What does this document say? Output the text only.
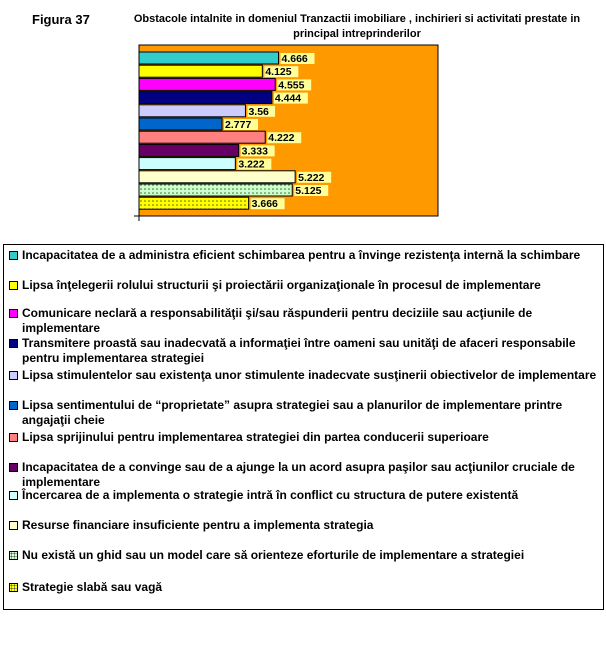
Figura 37	Obstacole intalnite in domeniul Tranzactii imobiliare , inchirieri si activitati prestate in principal intreprinderilor
4.666
4.125
4.555
4.444
3.56
2.777
4.222
3.333
3.222
5.222
5.125
3.666
Incapacitatea de a administra eficient schimbarea pentru a învinge rezistenţa internă la schimbare
Lipsa înţelegerii rolului structurii şi proiectării organizaţionale în procesul de implementare
Comunicare neclară a responsabilităţii şi/sau răspunderii pentru deciziile sau acţiunile de implementare
Transmitere proastă sau inadecvată a informaţiei între oameni sau unităţi de afaceri responsabile pentru implementarea strategiei
Lipsa stimulentelor sau existenţa unor stimulente inadecvate susţinerii obiectivelor de implementare
Lipsa sentimentului de “proprietate” asupra strategiei sau a planurilor de implementare printre angajaţii cheie
Lipsa sprijinului pentru implementarea strategiei din partea conducerii superioare
Incapacitatea de a convinge sau de a ajunge la un acord asupra paşilor sau acţiunilor cruciale de implementare
Încercarea de a implementa o strategie intră în conflict cu structura de putere existentă
Resurse financiare insuficiente pentru a implementa strategia
Nu există un ghid sau un model care să orienteze eforturile de implementare a strategiei
Strategie slabă sau vagă
